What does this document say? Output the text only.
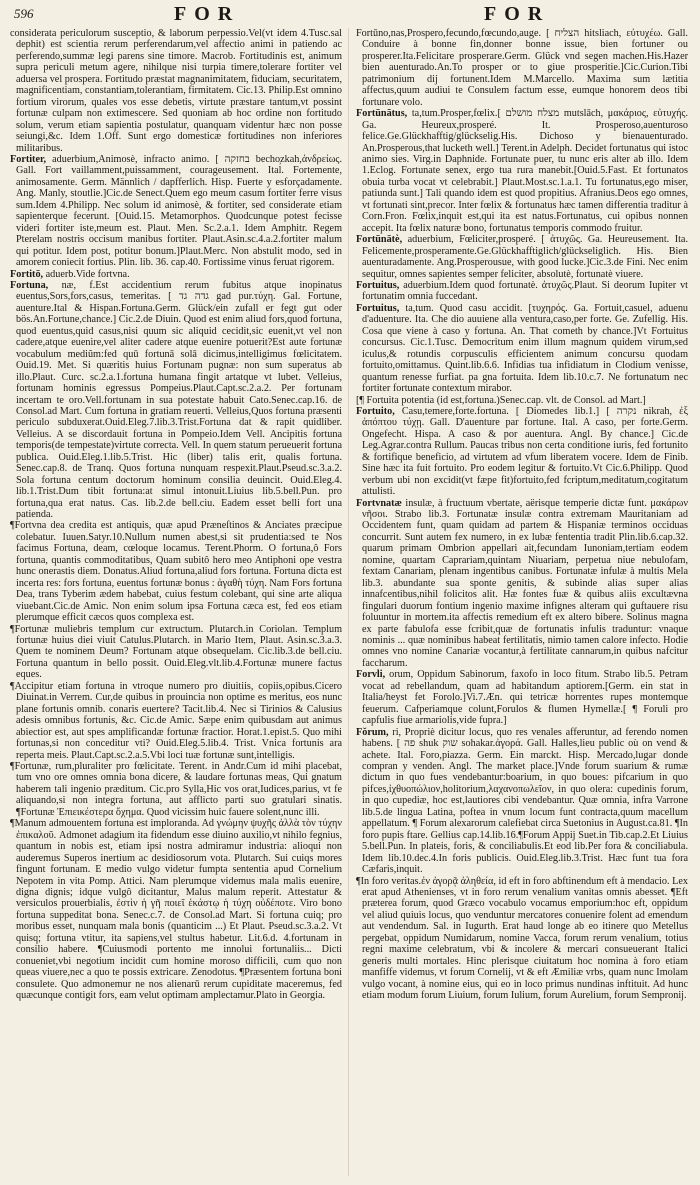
596	FOR	FOR
considerata periculorum susceptio, & laborum perpessio.Vel(vt idem 4.Tusc.sal dephit) est scientia rerum perferendarum,vel affectio animi in patiendo ac perferendo,summæ legi parens sine timore. Macrob. Fortitudinis est, animum supra periculi metum agere, nihilque nisi turpia timere,tolerare fortiter vel aduersa vel prospera. Fortitudo præstat magnanimitatem, fiduciam, securitatem, magnificentiam, constantiam,tolerantiam, firmitatem. Cic.13. Philip.Est omnino fortium virorum, quales vos esse debetis, virtute præstare tantum,vt possint fortunæ culpam non extimescere. Sed quoniam ab hoc ordine non fortitudo solum, verum etiam sapientia postulatur, quanquam videntur hæc non posse seiungi,&c. Idem 1.Off. Sunt ergo domesticæ fortitudines non inferiores militaribus.
Fortiter, aduerbium,Animosè, infracto animo. [ בחזקה becho̦zkah,ἀνδρείως. Gall. Fort vaillamment,puissamment, courageusement. Ital. Fortemente, animosamente. Germ. Männlich / dapfferlich. Hisp. Fuerte y esforçadamente. Ang. Manly, stoutlie.]Cic.de Senect.Quem ego meum casum fortiter ferre visus sum.Idem 4.Philipp. Nec solum id animosè, & fortiter, sed considerate etiam sapienterque fecerunt. [Ouid.15. Metamorphos. Quodcunque potest fecisse videri fortiter iste,meum est. Plaut. Men. Sc.2.a.1. Idem Amphitr. Regem Pterelam nostris occisum manibus fortiter. Plaut.Asin.sc.4.a.2.fortiter malum qui potitur. Idem post, potitur bonum.]Plaut.Merc. Non abstulit modo, sed in amorem coniecit fortius. Plin. lib. 36. cap.40. Fortissime vinus feruat rigorem.
Fortitō, aduerb.Vide fortvna.
Fortuna, næ, f.Est accidentium rerum fubitus atque inopinatus euentus,Sors,fors,casus, temeritas. [ גדה גד gad pur.τύχη. Gal. Fortune, auenture.Ital & Hispan.Fortuna.Germ. Glück/ein zufall er fegt gut oder bös.An.Fortune,chance.] Cic.2.de Diuin. Quod est enim aliud fors,quod fortuna, quod euentus,quid casus,nisi quum sic aliquid cecidit,sic euenit,vt vel non cadere,atque euenire,vel aliter cadere atque euenire potuerit?Est aute fortunæ vocabulum mediũm:fed quū fortunā solā dicimus,intelligimus fœlicitatem. Ouid.19. Met. Si quæritis huius Fortunam pugnæ: non sum superatus ab illo.Plaut. Curc. sc.2.a.1.fortuna humana fingit artatque vt lubet. Velleius, fortunam hominis egressus Pompeius.Plaut.Capt.sc.2.a.2. Per fortunam incertam te oro.Vell.fortunam in sua potestate habuit Cato.Senec.cap.16. de Consol.ad Mart. Cum fortuna in gratiam reuerti. Velleius,Quos fortuna præsenti periculo subduxerat.Ouid.Eleg.7.lib.3.Trist.Fortuna dat & rapit quidliber. Velleius. A se discordauit fortuna in Pompeio.Idem Vell. Ancipitis fortuna temporis(de tempestate)virtute correcta. Vell. In quem statum perueuerit fortuna publica. Ouid.Eleg.1.lib.5.Trist. Hic (liber) talis erit, qualis fortuna. Senec.cap.8. de Tranq. Quos fortuna nunquam respexit.Plaut.Pseud.sc.3.a.2. Sola fortuna centum doctorum hominum consilia deuincit. Ouid.Eleg.4. lib.1.Trist.Dum tibit fortuna:at simul intonuit.Liuius lib.5.bell.Pun. pro fortuna,qua erat natus. Cas. lib.2.de bell.ciu. Eadem esset belli fort una patienda.
¶Fortvna dea credita est antiquis, quæ apud Præneſtinos & Anciates præcipue colebatur. Iuuen.Satyr.10.Nullum numen abest,si sit prudentia:sed te Nos facimus Fortuna, deam, cœloque locamus. Terent.Phorm. O fortuna,ô Fors fortuna, quantis commoditatibus, Quam subitô hero meo Antiphoni ope vestra hunc onerastis diem. Donatus.Aliud fortuna,aliud fors fortuna. Fortuna dicta est incerta res: fors fortuna, euentus fortunæ bonus : ἀγαθὴ τύχη. Nam Fors fortuna Dea, trans Tyberim ædem habebat, cuius festum colebant, qui sine arte aliqua viuebant.Cic.de Amic. Non enim solum ipsa Fortuna cæca est, fed eos etiam plerumque efficit cæcos quos complexa est.
¶Fortunæ muliebris templum cur extructum. Plutarch.in Coriolan. Templum fortunæ huius diei viuit Catulus.Plutarch. in Mario Item, Plaut. Asin.sc.3.a.3. Quem te nominem Deum? Fortunam atque obsequelam. Cic.lib.3.de bell.ciu. Fortuna quantum in bello possit. Ouid.Eleg.vlt.lib.4.Fortunæ munere factus eques.
¶Accipitur etiam fortuna in vtroque numero pro diuitiis, copiis,opibus.Cicero Diuinat.in Verrem. Cur,de quibus in prouincia non optime es meritus, eos nunc plane fortunis omnib. conaris euertere? Tacit.lib.4. Nec si Tirinios & Calusius adesis omnibus fortunis, &c. Cic.de Amic. Sæpe enim quibusdam aut animus abiectior est, aut spes amplificandæ fortunæ fractior. Horat.1.epist.5. Quo mihi fortunas,si non conceditur vti? Ouid.Eleg.5.lib.4. Trist. Vnica fortunis ara reperta meis. Plaut.Capt.sc.2.a.5.Vbi loci tuæ fortunæ sunt,intelligis.
¶Fortunæ, rum,pluraliter pro fœlicitate. Terent. in Andr.Cum id mihi placebat, tum vno ore omnes omnia bona dicere, & laudare fortunas meas, Qui gnatum haberem tali ingenio præditum. Cic.pro Sylla,Hic vos orat,Iudices,parius, vt fe aliquando,si non integra fortuna, aut afflicto parti suo gratulari sinatis. ¶Fortunæ Ἐπιεικέστερα ὄχημα. Quod vicissim huic fauere solent,nunc illi.
¶Manum admouentem fortuna est imploranda. Ad γνώμην ψυχῆς ἀλλὰ τὸν τύχην ἐπικαλοῦ. Admonet adagium ita fidendum esse diuino auxilio,vt nihilo fegnius, quantum in nobis est, etiam ipsi nostra admiramur industria: alioqui non auderemus Superos inertium ac desidiosorum vota. Plutarch. Sui cuiqs mores fingunt fortunam. E medio vulgo videtur fumpta sententia apud Cornelium Nepotem in vita Pomp. Attici. Nam plerumque videmus mala malis euenire, digna dignis; idque vulgô dicitantur, Malus malum reperit. Attestatur & versiculos prouerbialis, ἐστὶν ἡ γῆ ποιεῖ ἑκάστῳ ἡ τύχη οὐδέποτε. Viro bono fortuna suppeditat bona. Senec.c.7. de Consol.ad Mart. Si fortuna cuiq; pro moribus esset, nunquam mala bonis (quanticim ...) Et Plaut. Pseud.sc.3.a.2. Vt quisq; fortuna vtitur, ita sapiens,vel stultus habetur. Lit.6.d. 4.fortunam in consilio habere. ¶Cuiusmodi portento me innolui fortunaliis... Dicti conueniet,vbi negotium incidit cum homine moroso difficili, cum quo non queas viuere,nec a quo te possis extricare. Zenodotus. ¶Præsentem fortuna boni consulete. Quo admonemur ne nos alienarū rerum cupiditate maceremus, fed quæcunque contigit fors, eam velut optimam amplectamur.Plato in Georgia.
Fortūno,nas,Prospero,fecundo,fœcundo,auge. [ הצליח hitsliach, εὐτυχέω. Gall. Conduire à bonne fin,donner bonne issue, bien fortuner ou prosperer.Ita.Felicitare prosperare.Germ. Glück vnd segen machen.His.Hazer bien auenturado.An.To prosper or to giue prosperitie.]Cic.Curion.Tibi patrimonium dij fortunent.Idem M.Marcello. Maxima sum lætitia affectus,quum audiui te Consulem factum esse, eumque honorem deos tibi fortunare volo.
Fortūnātus, ta,tum.Prosper,fœlix.[ מצלח מושלם mutslāch, μακάριος, εὐτυχής. Ga. Heureux,prosperé. It. Prosperoso,auenturoso felice.Ge.Glückhafftig/glückselig.His. Dichoso y bienauenturado. An.Prosperous,that lucketh well.] Terent.in Adelph. Decidet fortunatus qui istoc animo sies. Virg.in Daphnide. Fortunate puer, tu nunc eris alter ab illo. Idem 1.Eclog. Fortunate senex, ergo tua rura manebit.[Ouid.5.Fast. Et fortunatos obuia turba vocat vt celebrabit.] Plaut.Most.sc.1.a.1. Tu fortunatus,ego miser, patiunda sunt.] Tali quando idem est quod propitius. Afranius.Deos ego omnes, vt fortunati sint,precor. Inter fœlix & fortunatus hæc tamen differentia traditur à Corn.Fron. Fœlix,inquit est,qui ita est natus.Fortunatus, cui opibus nonnen accepit. Ita fœlix naturæ bono, fortunatus temporis commodo fruitur.
Fortūnātè, aduerbium, Fœliciter,prosperé. [ ἀτυχῶς. Ga. Heureusement. Ita. Felicemente,prosperamente.Ge.Glückhafftiglich/glückseliglich. His. Bien auenturadamente. Ang.Prosperousue, with good lucke.]Cic.3.de Fini. Nec enim sequitur, omnes sapientes semper feliciter, absolutè, fortunatè viuere.
Fortuitus, aduerbium.Idem quod fortunatè. ἀτυχῶς.Plaut. Si deorum Iupiter vt fortunatim omnia fuccedant.
Fortuitus, ta,tum. Quod casu accidit. [τυχηρός. Ga. Fortuit,casuel, aduenu d'aduenture. Ita. Che dio auuiene alla ventura,caso,per forte. Ge. Zufellig. His. Cosa que viene à caso y fortuna. An. That cometh by chance.]Vt Fortuitus concursus. Cic.1.Tusc. Democritum enim illum magnum quidem virum,sed iculus,& rotundis corpusculis efficientem animum concursu quodam fortuito,omittamus. Quint.lib.6.6. Infidias tua infidiatum in Clodium venisse, quantum renesse furfiat. pa gna fortuita. Idem lib.10.c.7. Ne fortunatum nec fortiter fortunate contextum mirabor.
[¶ Fortuita potentia (id est,fortuna.)Senec.cap. vlt. de Consol. ad Mart.]
Fortuito, Casu,temere,forte.fortuna. [ Diomedes lib.1.] [ נקרה nikrah, ἐξ ἀπόπτου τύχῃ. Gall. D'auenture par fortune. Ital. A caso, per forte.Germ. Ongefecht. Hispa. A caso & por auentura. Angl. By chance.] Cic.de Leg.Agrar.contra Rullum. Paucas tribus non certa conditione iuris, fed fortunito & fortifique beneficio, ad virtutem ad vfum liberatem vocere. Idem de Finib. Sine hæc ita fuit fortuito. Pro eodem legitur & fortuito.Vt Cic.6.Philipp. Quod verbum ubi non excidit(vt fæpe fit)fortuito,fed fcriptum,meditatum,cogitatum attulisti.
Fortvnatæ insulæ, à fructuum vbertate, aërisque temperie dictæ funt. μακάρων νῆσοι. Strabo lib.3. Fortunatæ insulæ contra extremam Mauritaniam ad Occidentem funt, quam quidam ad partem & Hispaniæ terminos occiduas concurrit. Sunt autem fex numero, in ex lubæ fententia tradit Plin.lib.6.cap.32. quarum primam Ombrion appellari ait,fecundam Iunoniam,tertiam eodem nomine, quartam Caprariam,quintam Niuariam, perpetua niue nebulofam, fextam Canariam, plenam ingentibus canibus. Fortunatæ infulæ à multis Mela lib.3. abundante sua sponte genitis, & subinde alias super alias innafcentibus,nihil folicitos alit. Hæ fontes fuæ & quibus aliis excultævna fingulari duorum fontium ingenio maxime infignes alteram qui guftauere risu foluuntur in mortem.ita affectis remedium eft ex altero bibere. Solinus magna ex parte fabulofa esse fcribit,quæ de fortunatis infulis traduntur: vnaque nominis ... quæ nominibus habeat fertilitatis, nimio tamen calore infecto. Hodie omnes vno nomine Canariæ vocantur,à fertilitate cannarum,in quibus nafcitur faccharum.
Forvli, orum, Oppidum Sabinorum, faxofo in loco fitum. Strabo lib.5. Petram vocat ad rebellandum, quam ad habitandum aptiorem.[Germ. ein stat in Italia/heyst fet Forolo.]Vi.7.Æn. qui tetricæ horrentes rupes montemque feuerum. Cafperiamque colunt,Forulos & flumen Hymellæ.[ ¶ Foruli pro capfulis fiue armariolis,vide fupra.]
Fŏrum, ri, Propriè dicitur locus, quo res venales afferuntur, ad ferendo nomen habens. [ פה shuk שוק sohakar.ἀγορά. Gall. Halles,lieu public où on vend & achete. Ital. Foro,piazza. Germ. Ein marckt. Hisp. Mercado,lugar donde compran y venden. Angl. The market place.]Vnde forum suarium & rumæ dictum in quo fues vendebantur:boarium, in quo boues: pifcarium in quo pifces,ἰχθυοπώλιον,holitorium,λαχανοπωλεῖον, in quo olera: cupedinis forum, in quo cupediæ, hoc est,lautiores cibi vendebantur. Quæ omnia, infra Varrone lib.5.de lingua Latina, poftea in vnum locum funt contracta,quum macellum appellatum. ¶ Forum alexarorum calefiebat circa Suetonius in August.ca.81. ¶In foro pupis ftare. Gellius cap.14.lib.16.¶Forum Appij Suet.in Tib.cap.2.Et Liuius 5.bell.Pun. In plateis, foris, & conciliabulis.Et eod lib.Per fora & conciliabula. Idem lib.10.dec.4.In foris publicis. Ouid.Eleg.lib.3.Trist. Hæc funt tua fora Cæfaris,inquit.
¶In foro veritas.ἐν ἀγορᾷ ἀληθεία, id eft in foro abftinendum eft à mendacio. Lex erat apud Athenienses, vt in foro rerum venalium vanitas omnis abesset. ¶Eft præterea forum, quod Græco vocabulo vocamus emporium:hoc eft, oppidum vel aliud quiuis locus, quo venduntur mercatores conuenire folent ad emendum aut vendendum. Sal. in Iugurth. Erat haud longe ab eo itinere quo Metellus pergebat, oppidum Numidarum, nomine Vacca, forum rerum venalium, totius regni maxime celebratum, vbi & incolere & mercari consueuerant Italici generis multi mortales. Hinc plerisque ciuitatum hoc nomina à foro etiam manfiffe videmus, vt forum Cornelij, vt & eft Æmiliæ vrbs, quam nunc Imolam vulgo vocant, à nomine eius, qui eo in loco primus nundinas inftituit. Ad hunc etiam modum forum Liuium, forum Iulium, forum Aurelium, forum Sempronij.
